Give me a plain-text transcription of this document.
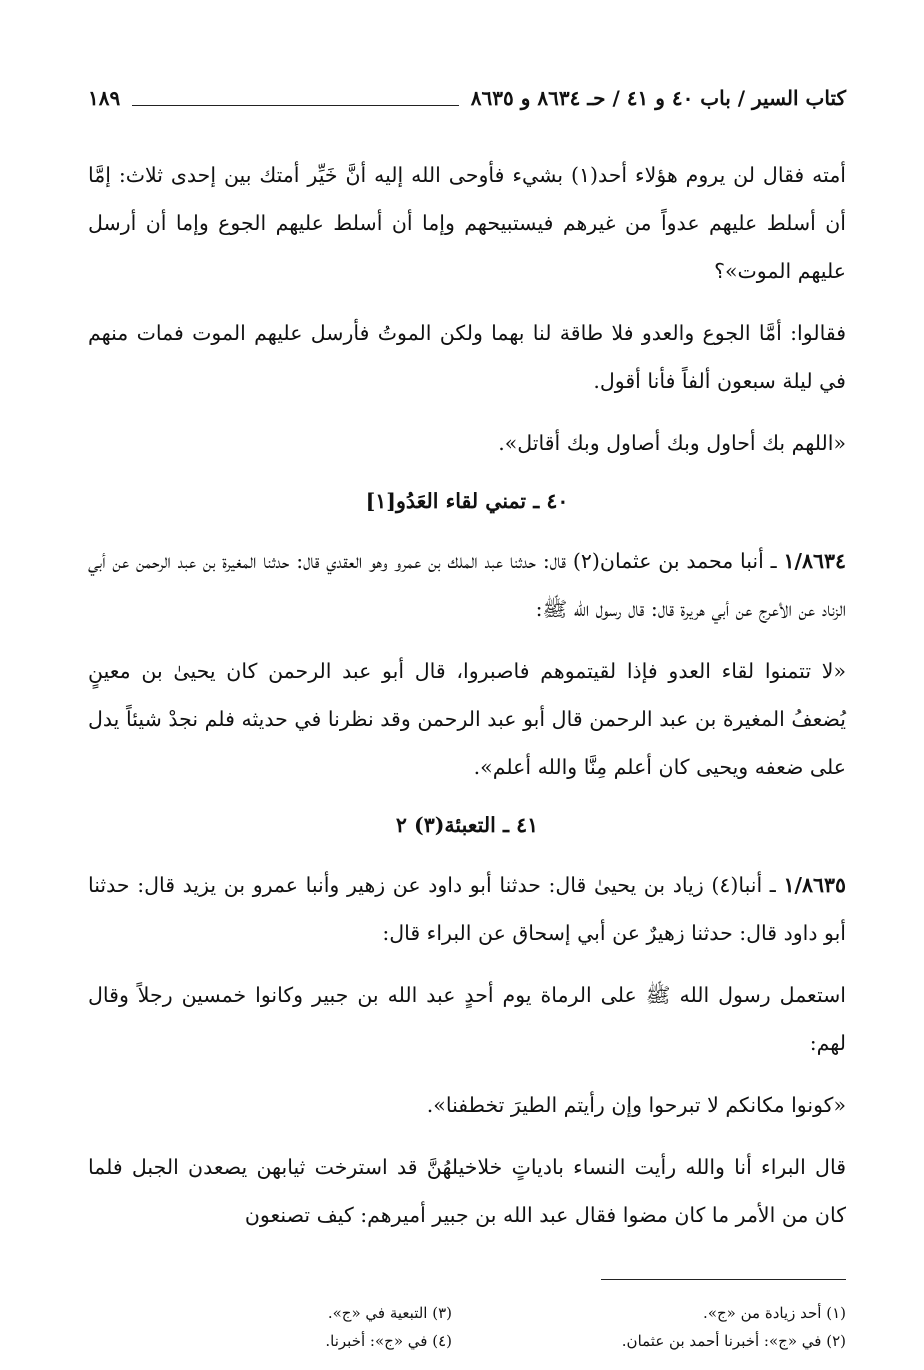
كتاب السير / باب ٤٠ و ٤١ / حـ ٨٦٣٤ و ٨٦٣٥
١٨٩

أمته فقال لن يروم هؤلاء أحد(١) بشيء فأوحى الله إليه أنَّ خَيِّر أمتك بين إحدى ثلاث: إمَّا أن أسلط عليهم عدواً من غيرهم فيستبيحهم وإما أن أسلط عليهم الجوع وإما أن أرسل عليهم الموت»؟

فقالوا: أمَّا الجوع والعدو فلا طاقة لنا بهما ولكن الموتُ فأرسل عليهم الموت فمات منهم في ليلة سبعون ألفاً فأنا أقول.

«اللهم بك أحاول وبك أصاول وبك أقاتل».

٤٠ ـ تمني لقاء العَدُو[١]

١/٨٦٣٤ ـ أنبا محمد بن عثمان(٢) قال: حدثنا عبد الملك بن عمرو وهو العقدي قال: حدثنا المغيرة بن عبد الرحمن عن أبي الزناد عن الأعرج عن أبي هريرة قال: قال رسول الله ﷺ:

«لا تتمنوا لقاء العدو فإذا لقيتموهم فاصبروا، قال أبو عبد الرحمن كان يحيىٰ بن معينٍ يُضعفُ المغيرة بن عبد الرحمن قال أبو عبد الرحمن وقد نظرنا في حديثه فلم نجدْ شيئاً يدل على ضعفه ويحيى كان أعلم مِنَّا والله أعلم».

٤١ ـ التعبئة(٣) ٢

١/٨٦٣٥ ـ أنبا(٤) زياد بن يحيىٰ قال: حدثنا أبو داود عن زهير وأنبا عمرو بن يزيد قال: حدثنا أبو داود قال: حدثنا زهيرٌ عن أبي إسحاق عن البراء قال:

استعمل رسول الله ﷺ على الرماة يوم أحدٍ عبد الله بن جبير وكانوا خمسين رجلاً وقال لهم:

«كونوا مكانكم لا تبرحوا وإن رأيتم الطيرَ تخطفنا».

قال البراء أنا والله رأيت النساء بادياتٍ خلاخيلهُنَّ قد استرخت ثيابهن يصعدن الجبل فلما كان من الأمر ما كان مضوا فقال عبد الله بن جبير أميرهم: كيف تصنعون

(١) أحد زيادة من «ج».
(٣) التبعية في «ج».
(٢) في «ج»: أخبرنا أحمد بن عثمان.
(٤) في «ج»: أخبرنا.
